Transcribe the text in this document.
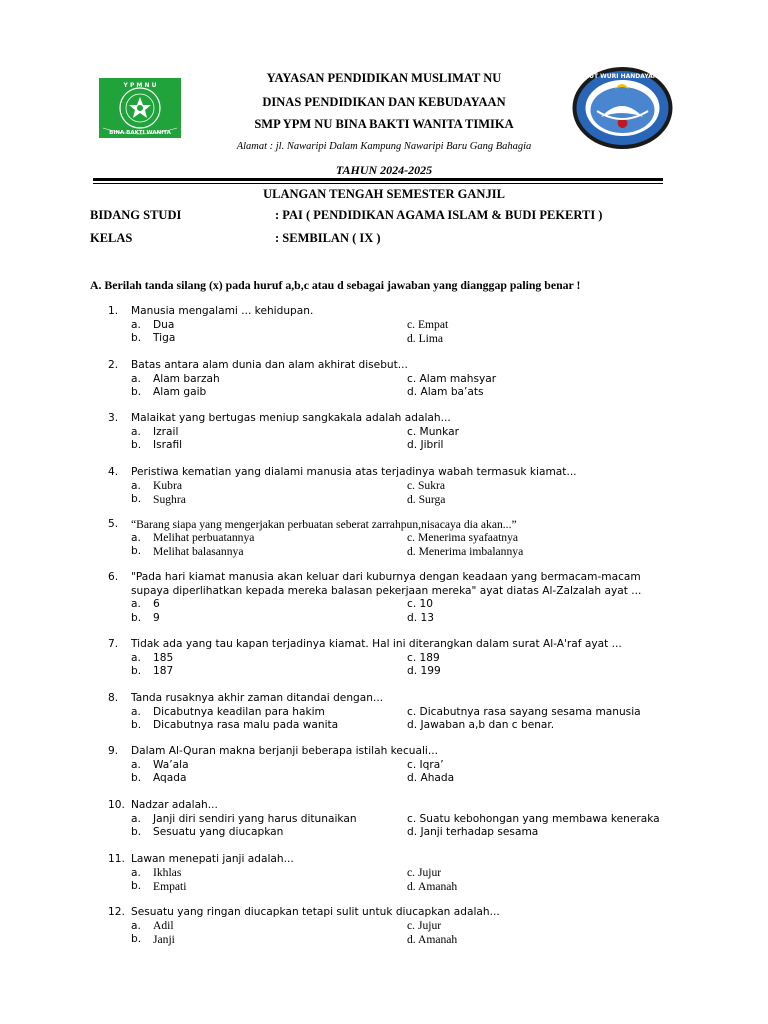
Y P M N U
BINA BAKTI WANITA
TUT WURI HANDAYANI
YAYASAN PENDIDIKAN MUSLIMAT NU
DINAS PENDIDIKAN DAN KEBUDAYAAN
SMP YPM NU BINA BAKTI WANITA TIMIKA
Alamat : jl. Nawaripi Dalam Kampung Nawaripi Baru Gang Bahagia
TAHUN 2024-2025
ULANGAN TENGAH SEMESTER GANJIL
BIDANG STUDI	: PAI ( PENDIDIKAN AGAMA ISLAM & BUDI PEKERTI )
KELAS	: SEMBILAN ( IX )
A. Berilah tanda silang (x) pada huruf a,b,c atau d sebagai jawaban yang dianggap paling benar !
1. Manusia mengalami ... kehidupan.
a. Dua	c. Empat
b. Tiga	d. Lima
2. Batas antara alam dunia dan alam akhirat disebut...
a. Alam barzah	c. Alam mahsyar
b. Alam gaib	d. Alam ba’ats
3. Malaikat yang bertugas meniup sangkakala adalah adalah...
a. Izrail	c. Munkar
b. Israfil	d. Jibril
4. Peristiwa kematian yang dialami manusia atas terjadinya wabah termasuk kiamat...
a. Kubra	c. Sukra
b. Sughra	d. Surga
5. “Barang siapa yang mengerjakan perbuatan seberat zarrahpun,nisacaya dia akan...”
a. Melihat perbuatannya	c. Menerima syafaatnya
b. Melihat balasannya	d. Menerima imbalannya
6. "Pada hari kiamat manusia akan keluar dari kuburnya dengan keadaan yang bermacam-macam supaya diperlihatkan kepada mereka balasan pekerjaan mereka" ayat diatas Al-Zalzalah ayat ...
a. 6	c. 10
b. 9	d. 13
7. Tidak ada yang tau kapan terjadinya kiamat. Hal ini diterangkan dalam surat Al-A'raf ayat ...
a. 185	c. 189
b. 187	d. 199
8. Tanda rusaknya akhir zaman ditandai dengan...
a. Dicabutnya keadilan para hakim	c. Dicabutnya rasa sayang sesama manusia
b. Dicabutnya rasa malu pada wanita	d. Jawaban a,b dan c benar.
9. Dalam Al-Quran makna berjanji beberapa istilah kecuali...
a. Wa’ala	c. Iqra’
b. Aqada	d. Ahada
10. Nadzar adalah...
a. Janji diri sendiri yang harus ditunaikan	c. Suatu kebohongan yang membawa keneraka
b. Sesuatu yang diucapkan	d. Janji terhadap sesama
11. Lawan menepati janji adalah...
a. Ikhlas	c. Jujur
b. Empati	d. Amanah
12. Sesuatu yang ringan diucapkan tetapi sulit untuk diucapkan adalah...
a. Adil	c. Jujur
b. Janji	d. Amanah
